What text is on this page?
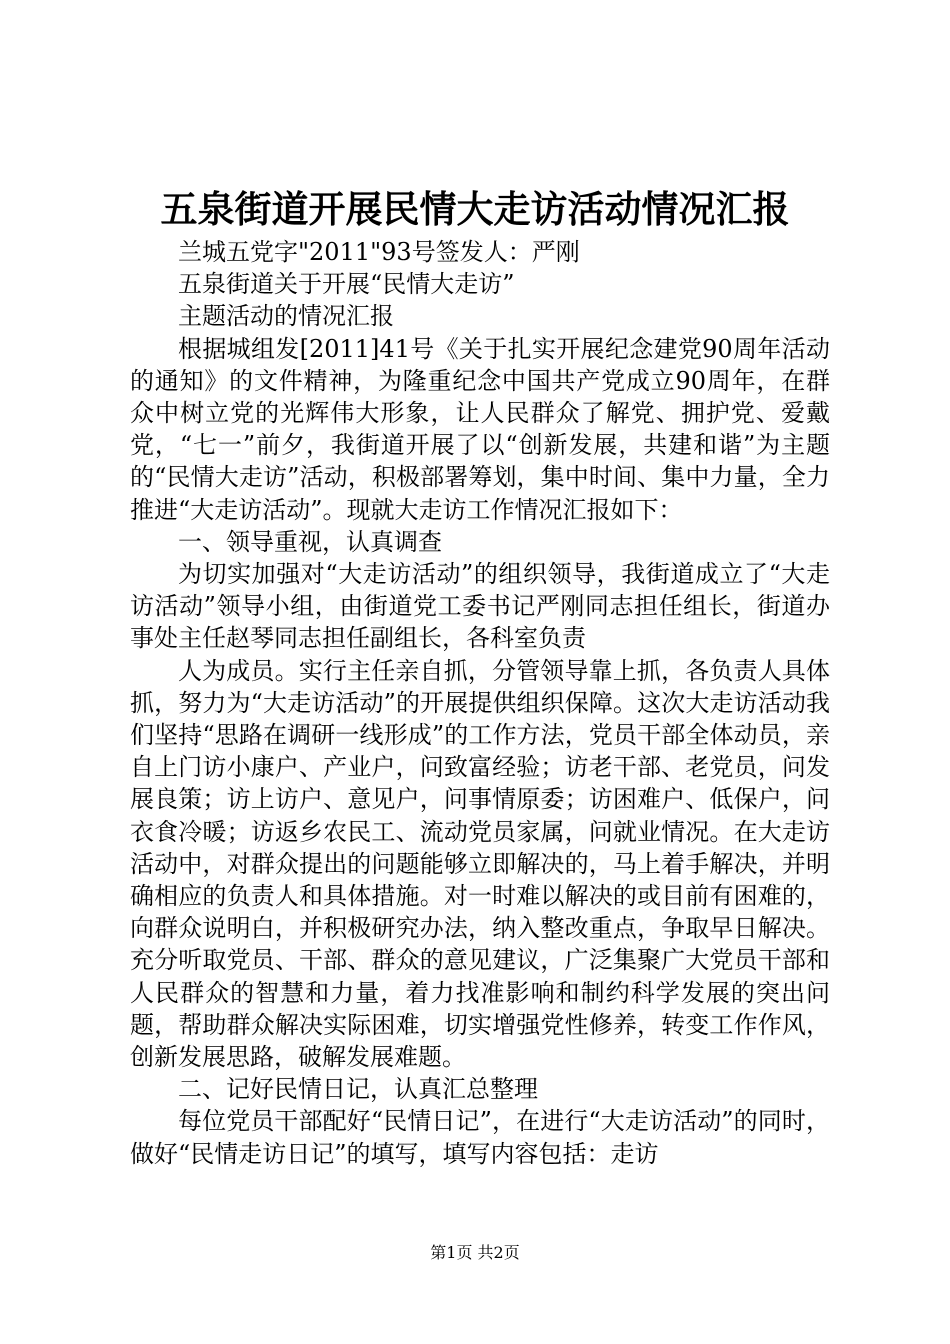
五泉街道开展民情大走访活动情况汇报

兰城五党字"2011"93号签发人：严刚

五泉街道关于开展“民情大走访”

主题活动的情况汇报

根据城组发[2011]41号《关于扎实开展纪念建党90周年活动的通知》的文件精神，为隆重纪念中国共产党成立90周年，在群众中树立党的光辉伟大形象，让人民群众了解党、拥护党、爱戴党，“七一”前夕，我街道开展了以“创新发展，共建和谐”为主题的“民情大走访”活动，积极部署筹划，集中时间、集中力量，全力推进“大走访活动”。现就大走访工作情况汇报如下：

一、领导重视，认真调查

为切实加强对“大走访活动”的组织领导，我街道成立了“大走访活动”领导小组，由街道党工委书记严刚同志担任组长，街道办事处主任赵琴同志担任副组长，各科室负责

人为成员。实行主任亲自抓，分管领导靠上抓，各负责人具体抓，努力为“大走访活动”的开展提供组织保障。这次大走访活动我们坚持“思路在调研一线形成”的工作方法，党员干部全体动员，亲自上门访小康户、产业户，问致富经验；访老干部、老党员，问发展良策；访上访户、意见户，问事情原委；访困难户、低保户，问衣食冷暖；访返乡农民工、流动党员家属，问就业情况。在大走访活动中，对群众提出的问题能够立即解决的，马上着手解决，并明确相应的负责人和具体措施。对一时难以解决的或目前有困难的，向群众说明白，并积极研究办法，纳入整改重点，争取早日解决。充分听取党员、干部、群众的意见建议，广泛集聚广大党员干部和人民群众的智慧和力量，着力找准影响和制约科学发展的突出问题，帮助群众解决实际困难，切实增强党性修养，转变工作作风，创新发展思路，破解发展难题。

二、记好民情日记，认真汇总整理

每位党员干部配好“民情日记”，在进行“大走访活动”的同时，做好“民情走访日记”的填写，填写内容包括：走访

第1页 共2页
